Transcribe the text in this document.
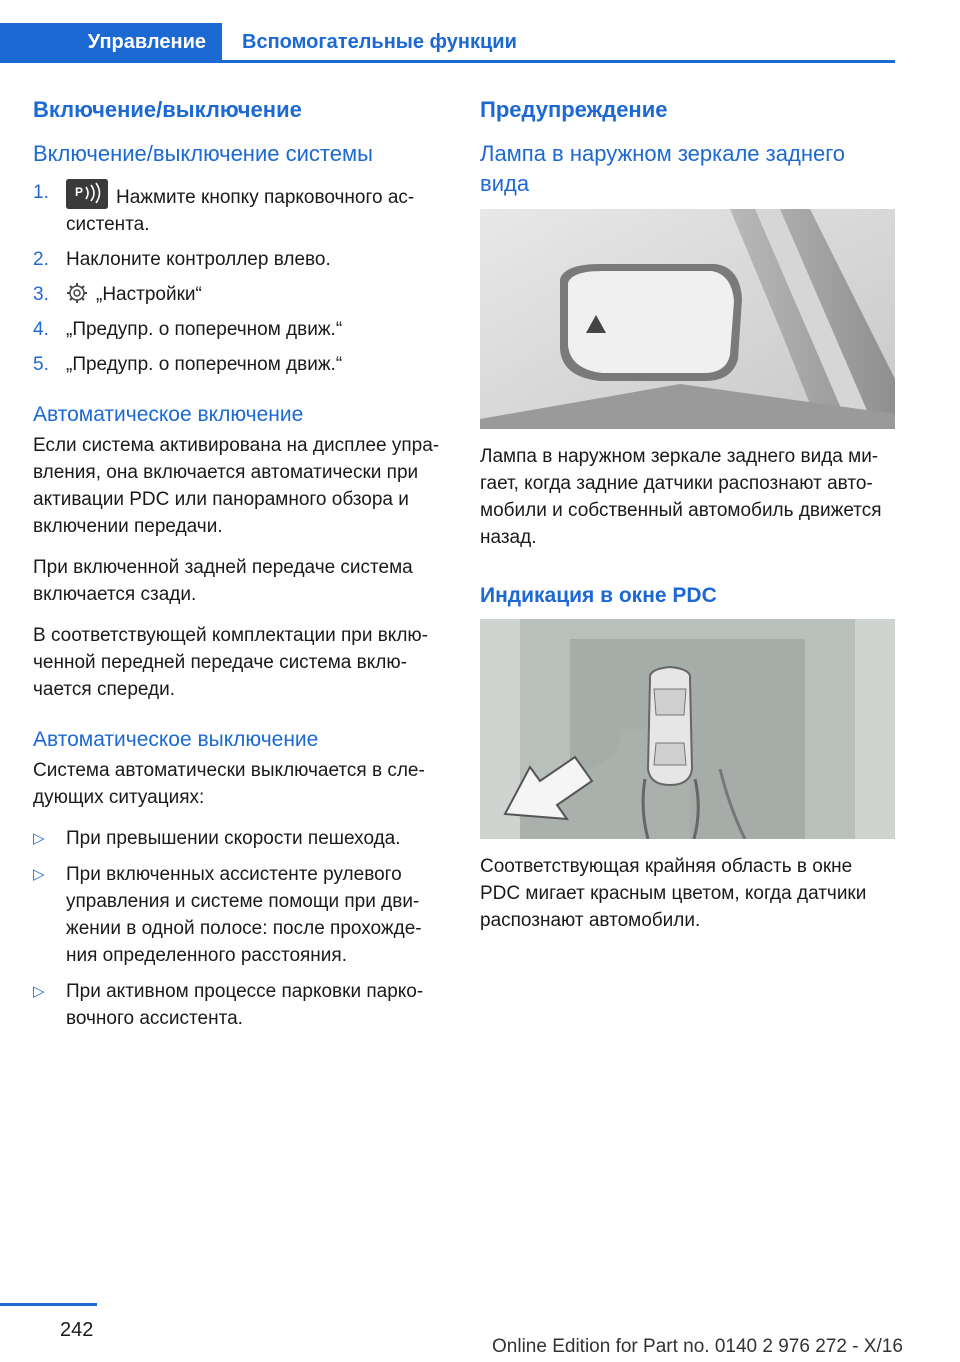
Управление	Вспомогательные функции
Включение/выключение
Включение/выключение системы
1. P Нажмите кнопку парковочного ас-систента.
2. Наклоните контроллер влево.
3. „Настройки“
4. „Предупр. о поперечном движ.“
5. „Предупр. о поперечном движ.“
Автоматическое включение

Если система активирована на дисплее упра-вления, она включается автоматически при активации PDC или панорамного обзора и включении передачи.

При включенной задней передаче система включается сзади.

В соответствующей комплектации при вклю-ченной передней передаче система вклю-чается спереди.

Автоматическое выключение

Система автоматически выключается в сле-дующих ситуациях:

▷ При превышении скорости пешехода.
▷ При включенных ассистенте рулевого управления и системе помощи при дви-жении в одной полосе: после прохожде-ния определенного расстояния.
▷ При активном процессе парковки парко-вочного ассистента.
Предупреждение
Лампа в наружном зеркале заднего вида

Лампа в наружном зеркале заднего вида ми-гает, когда задние датчики распознают авто-мобили и собственный автомобиль движется назад.

Индикация в окне PDC

Соответствующая крайняя область в окне PDC мигает красным цветом, когда датчики распознают автомобили.

242
Online Edition for Part no. 0140 2 976 272 - X/16
